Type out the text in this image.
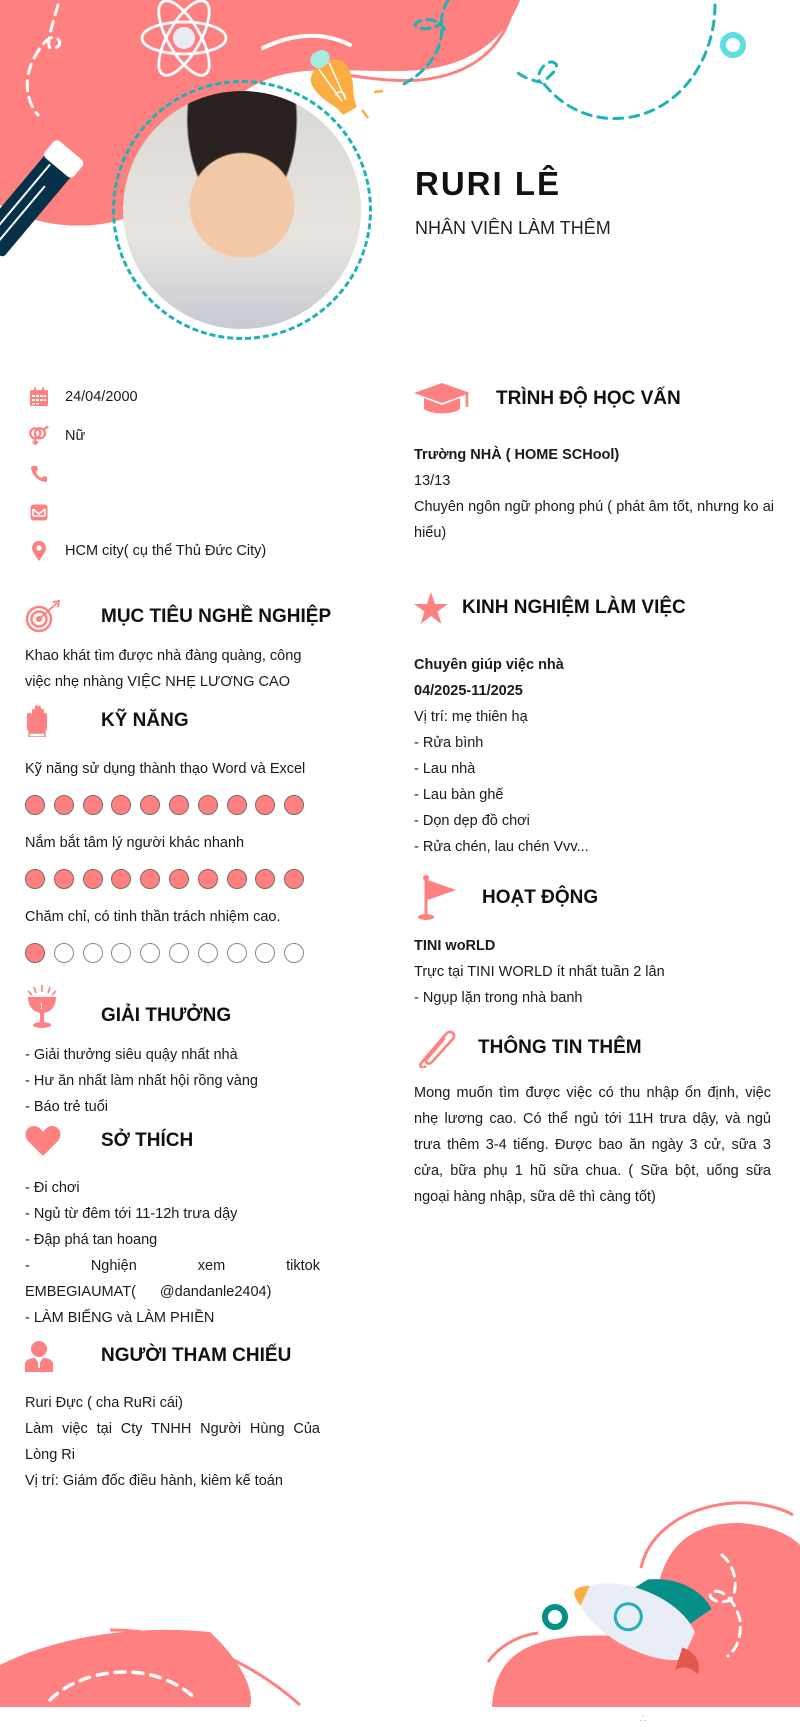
∴
RURI LÊ
NHÂN VIÊN LÀM THÊM
24/04/2000
Nữ
HCM city( cụ thể Thủ Đức City)
MỤC TIÊU NGHỀ NGHIỆP
Khao khát tìm được nhà đàng quàng, công việc nhẹ nhàng VIỆC NHẸ LƯƠNG CAO
KỸ NĂNG
Kỹ năng sử dụng thành thạo Word và Excel
Nắm bắt tâm lý người khác nhanh
Chăm chỉ, có tinh thần trách nhiệm cao.
1	GIẢI THƯỞNG

- Giải thưởng siêu quậy nhất nhà

- Hư ăn nhất làm nhất hội rồng vàng

- Báo trẻ tuổi

SỞ THÍCH

- Đi chơi

- Ngủ từ đêm tới 11-12h trưa dậy

- Đập phá tan hoang

- Nghiện xem tiktok EMBEGIAUMAT( @dandanle2404)

- LÀM BIẾNG và LÀM PHIỀN

NGƯỜI THAM CHIẾU

Ruri Đực ( cha RuRi cái)

Làm việc tại Cty TNHH Người Hùng Của Lòng Ri

Vị trí: Giám đốc điều hành, kiêm kế toán

TRÌNH ĐỘ HỌC VẤN

Trường NHÀ ( HOME SCHool)

13/13

Chuyên ngôn ngữ phong phú ( phát âm tốt, nhưng ko ai hiểu)

KINH NGHIỆM LÀM VIỆC

Chuyên giúp việc nhà

04/2025-11/2025

Vị trí: mẹ thiên hạ

- Rửa bình

- Lau nhà

- Lau bàn ghế

- Dọn dẹp đồ chơi

- Rửa chén, lau chén Vvv...

HOẠT ĐỘNG

TINI woRLD

Trực tại TINI WORLD ít nhất tuần 2 lân

- Ngụp lặn trong nhà banh

THÔNG TIN THÊM
Mong muốn tìm được việc có thu nhập ổn định, việc nhẹ lương cao. Có thể ngủ tới 11H trưa dậy, và ngủ trưa thêm 3-4 tiếng. Được bao ăn ngày 3 cử, sữa 3 cửa, bữa phụ 1 hũ sữa chua. ( Sữa bột, uống sữa ngoại hàng nhập, sữa dê thì càng tốt)
